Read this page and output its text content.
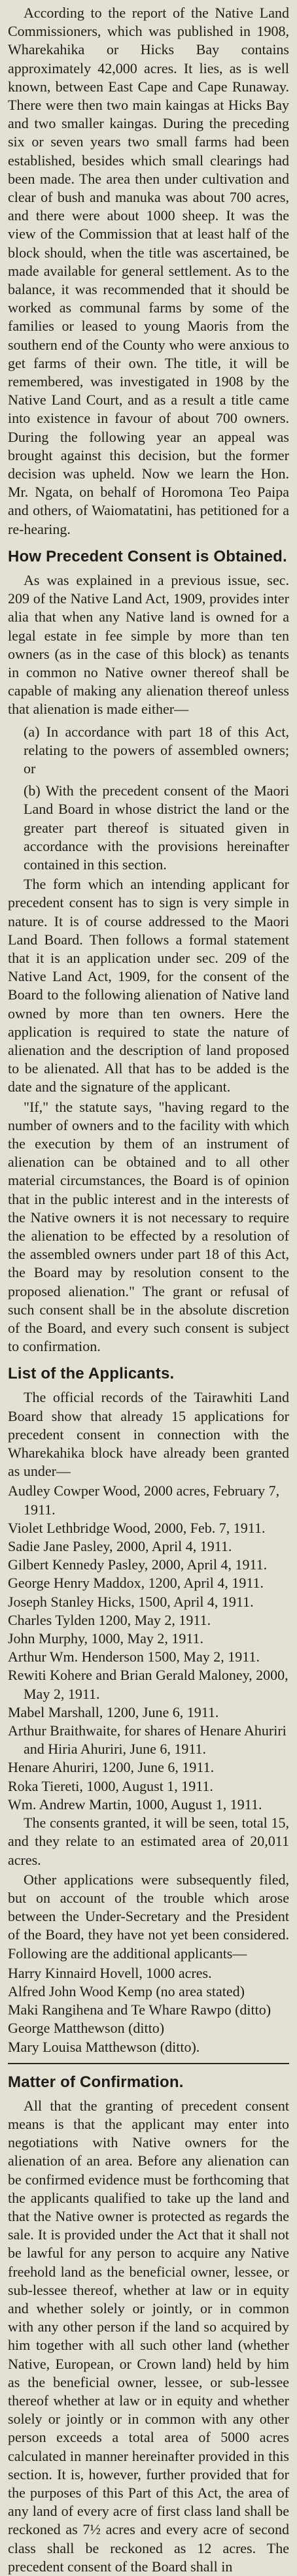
According to the report of the Native Land Commissioners, which was published in 1908, Wharekahika or Hicks Bay contains approximately 42,000 acres. It lies, as is well known, between East Cape and Cape Runaway. There were then two main kaingas at Hicks Bay and two smaller kaingas. During the preceding six or seven years two small farms had been established, besides which small clearings had been made. The area then under cultivation and clear of bush and manuka was about 700 acres, and there were about 1000 sheep. It was the view of the Commission that at least half of the block should, when the title was ascertained, be made available for general settlement. As to the balance, it was recommended that it should be worked as communal farms by some of the families or leased to young Maoris from the southern end of the County who were anxious to get farms of their own. The title, it will be remembered, was investigated in 1908 by the Native Land Court, and as a result a title came into existence in favour of about 700 owners. During the following year an appeal was brought against this decision, but the former decision was upheld. Now we learn the Hon. Mr. Ngata, on behalf of Horomona Teo Paipa and others, of Waiomatatini, has petitioned for a re-hearing.

How Precedent Consent is Obtained.

As was explained in a previous issue, sec. 209 of the Native Land Act, 1909, provides inter alia that when any Native land is owned for a legal estate in fee simple by more than ten owners (as in the case of this block) as tenants in common no Native owner thereof shall be capable of making any alienation thereof unless that alienation is made either—

(a) In accordance with part 18 of this Act, relating to the powers of assembled owners; or

(b) With the precedent consent of the Maori Land Board in whose district the land or the greater part thereof is situated given in accordance with the provisions hereinafter contained in this section.

The form which an intending applicant for precedent consent has to sign is very simple in nature. It is of course addressed to the Maori Land Board. Then follows a formal statement that it is an application under sec. 209 of the Native Land Act, 1909, for the consent of the Board to the following alienation of Native land owned by more than ten owners. Here the application is required to state the nature of alienation and the description of land proposed to be alienated. All that has to be added is the date and the signature of the applicant.

"If," the statute says, "having regard to the number of owners and to the facility with which the execution by them of an instrument of alienation can be obtained and to all other material circumstances, the Board is of opinion that in the public interest and in the interests of the Native owners it is not necessary to require the alienation to be effected by a resolution of the assembled owners under part 18 of this Act, the Board may by resolution consent to the proposed alienation." The grant or refusal of such consent shall be in the absolute discretion of the Board, and every such consent is subject to confirmation.

List of the Applicants.

The official records of the Tairawhiti Land Board show that already 15 applications for precedent consent in connection with the Wharekahika block have already been granted as under—

Audley Cowper Wood, 2000 acres, February 7, 1911.
Violet Lethbridge Wood, 2000, Feb. 7, 1911.
Sadie Jane Pasley, 2000, April 4, 1911.
Gilbert Kennedy Pasley, 2000, April 4, 1911.
George Henry Maddox, 1200, April 4, 1911.
Joseph Stanley Hicks, 1500, April 4, 1911.
Charles Tylden 1200, May 2, 1911.
John Murphy, 1000, May 2, 1911.
Arthur Wm. Henderson 1500, May 2, 1911.
Rewiti Kohere and Brian Gerald Maloney, 2000, May 2, 1911.
Mabel Marshall, 1200, June 6, 1911.
Arthur Braithwaite, for shares of Henare Ahuriri and Hiria Ahuriri, June 6, 1911.
Henare Ahuriri, 1200, June 6, 1911.
Roka Tiereti, 1000, August 1, 1911.
Wm. Andrew Martin, 1000, August 1, 1911.

The consents granted, it will be seen, total 15, and they relate to an estimated area of 20,011 acres.

Other applications were subsequently filed, but on account of the trouble which arose between the Under-Secretary and the President of the Board, they have not yet been considered. Following are the additional applicants—

Harry Kinnaird Hovell, 1000 acres.
Alfred John Wood Kemp (no area stated)
Maki Rangihena and Te Whare Rawpo (ditto)
George Matthewson (ditto)
Mary Louisa Matthewson (ditto).
Matter of Confirmation.

All that the granting of precedent consent means is that the applicant may enter into negotiations with Native owners for the alienation of an area. Before any alienation can be confirmed evidence must be forthcoming that the applicants qualified to take up the land and that the Native owner is protected as regards the sale. It is provided under the Act that it shall not be lawful for any person to acquire any Native freehold land as the beneficial owner, lessee, or sub-lessee thereof, whether at law or in equity and whether solely or jointly, or in common with any other person if the land so acquired by him together with all such other land (whether Native, European, or Crown land) held by him as the beneficial owner, lessee, or sub-lessee thereof whether at law or in equity and whether solely or jointly or in common with any other person exceeds a total area of 5000 acres calculated in manner hereinafter provided in this section. It is, however, further provided that for the purposes of this Part of this Act, the area of any land of every acre of first class land shall be reckoned as 7½ acres and every acre of second class shall be reckoned as 12 acres. The precedent consent of the Board shall in
